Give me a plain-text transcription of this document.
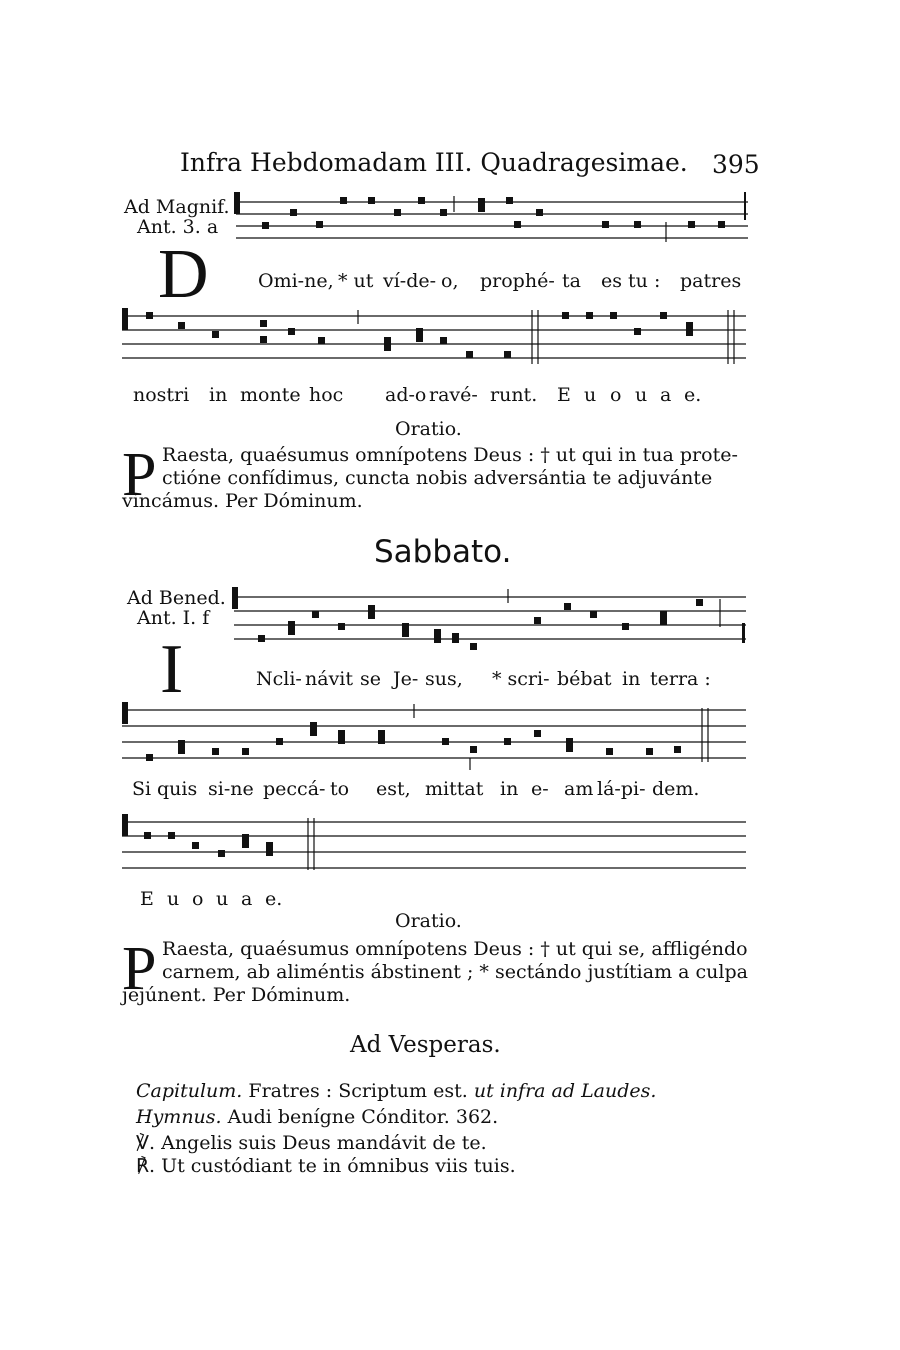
Infra Hebdomadam III. Quadragesimae. 395
Ad Magnif.
Ant. 3. a
D	Omi-ne, * ut ví-de- o, prophé- ta es tu : patres
nostri in monte hoc ad-o ravé- runt. E u o u a e.
Oratio.
P Raesta, quaésumus omnípotens Deus : † ut qui in tua prote-
ctióne confídimus, cuncta nobis adversántia te adjuvánte
vincámus. Per Dóminum.
Sabbato.
Ad Bened.
Ant. I. f
I	Ncli- návit se Je- sus, * scri- bébat in terra :
Si quis si-ne peccá- to est, mittat in e- am lá-pi- dem.
E u o u a e.
Oratio.
P Raesta, quaésumus omnípotens Deus : † ut qui se, affligéndo
carnem, ab aliméntis ábstinent ; * sectándo justítiam a culpa
jejúnent. Per Dóminum.
Ad Vesperas.
Capitulum. Fratres : Scriptum est. ut infra ad Laudes.
Hymnus. Audi benígne Cónditor. 362.
℣. Angelis suis Deus mandávit de te.
℟. Ut custódiant te in ómnibus viis tuis.
